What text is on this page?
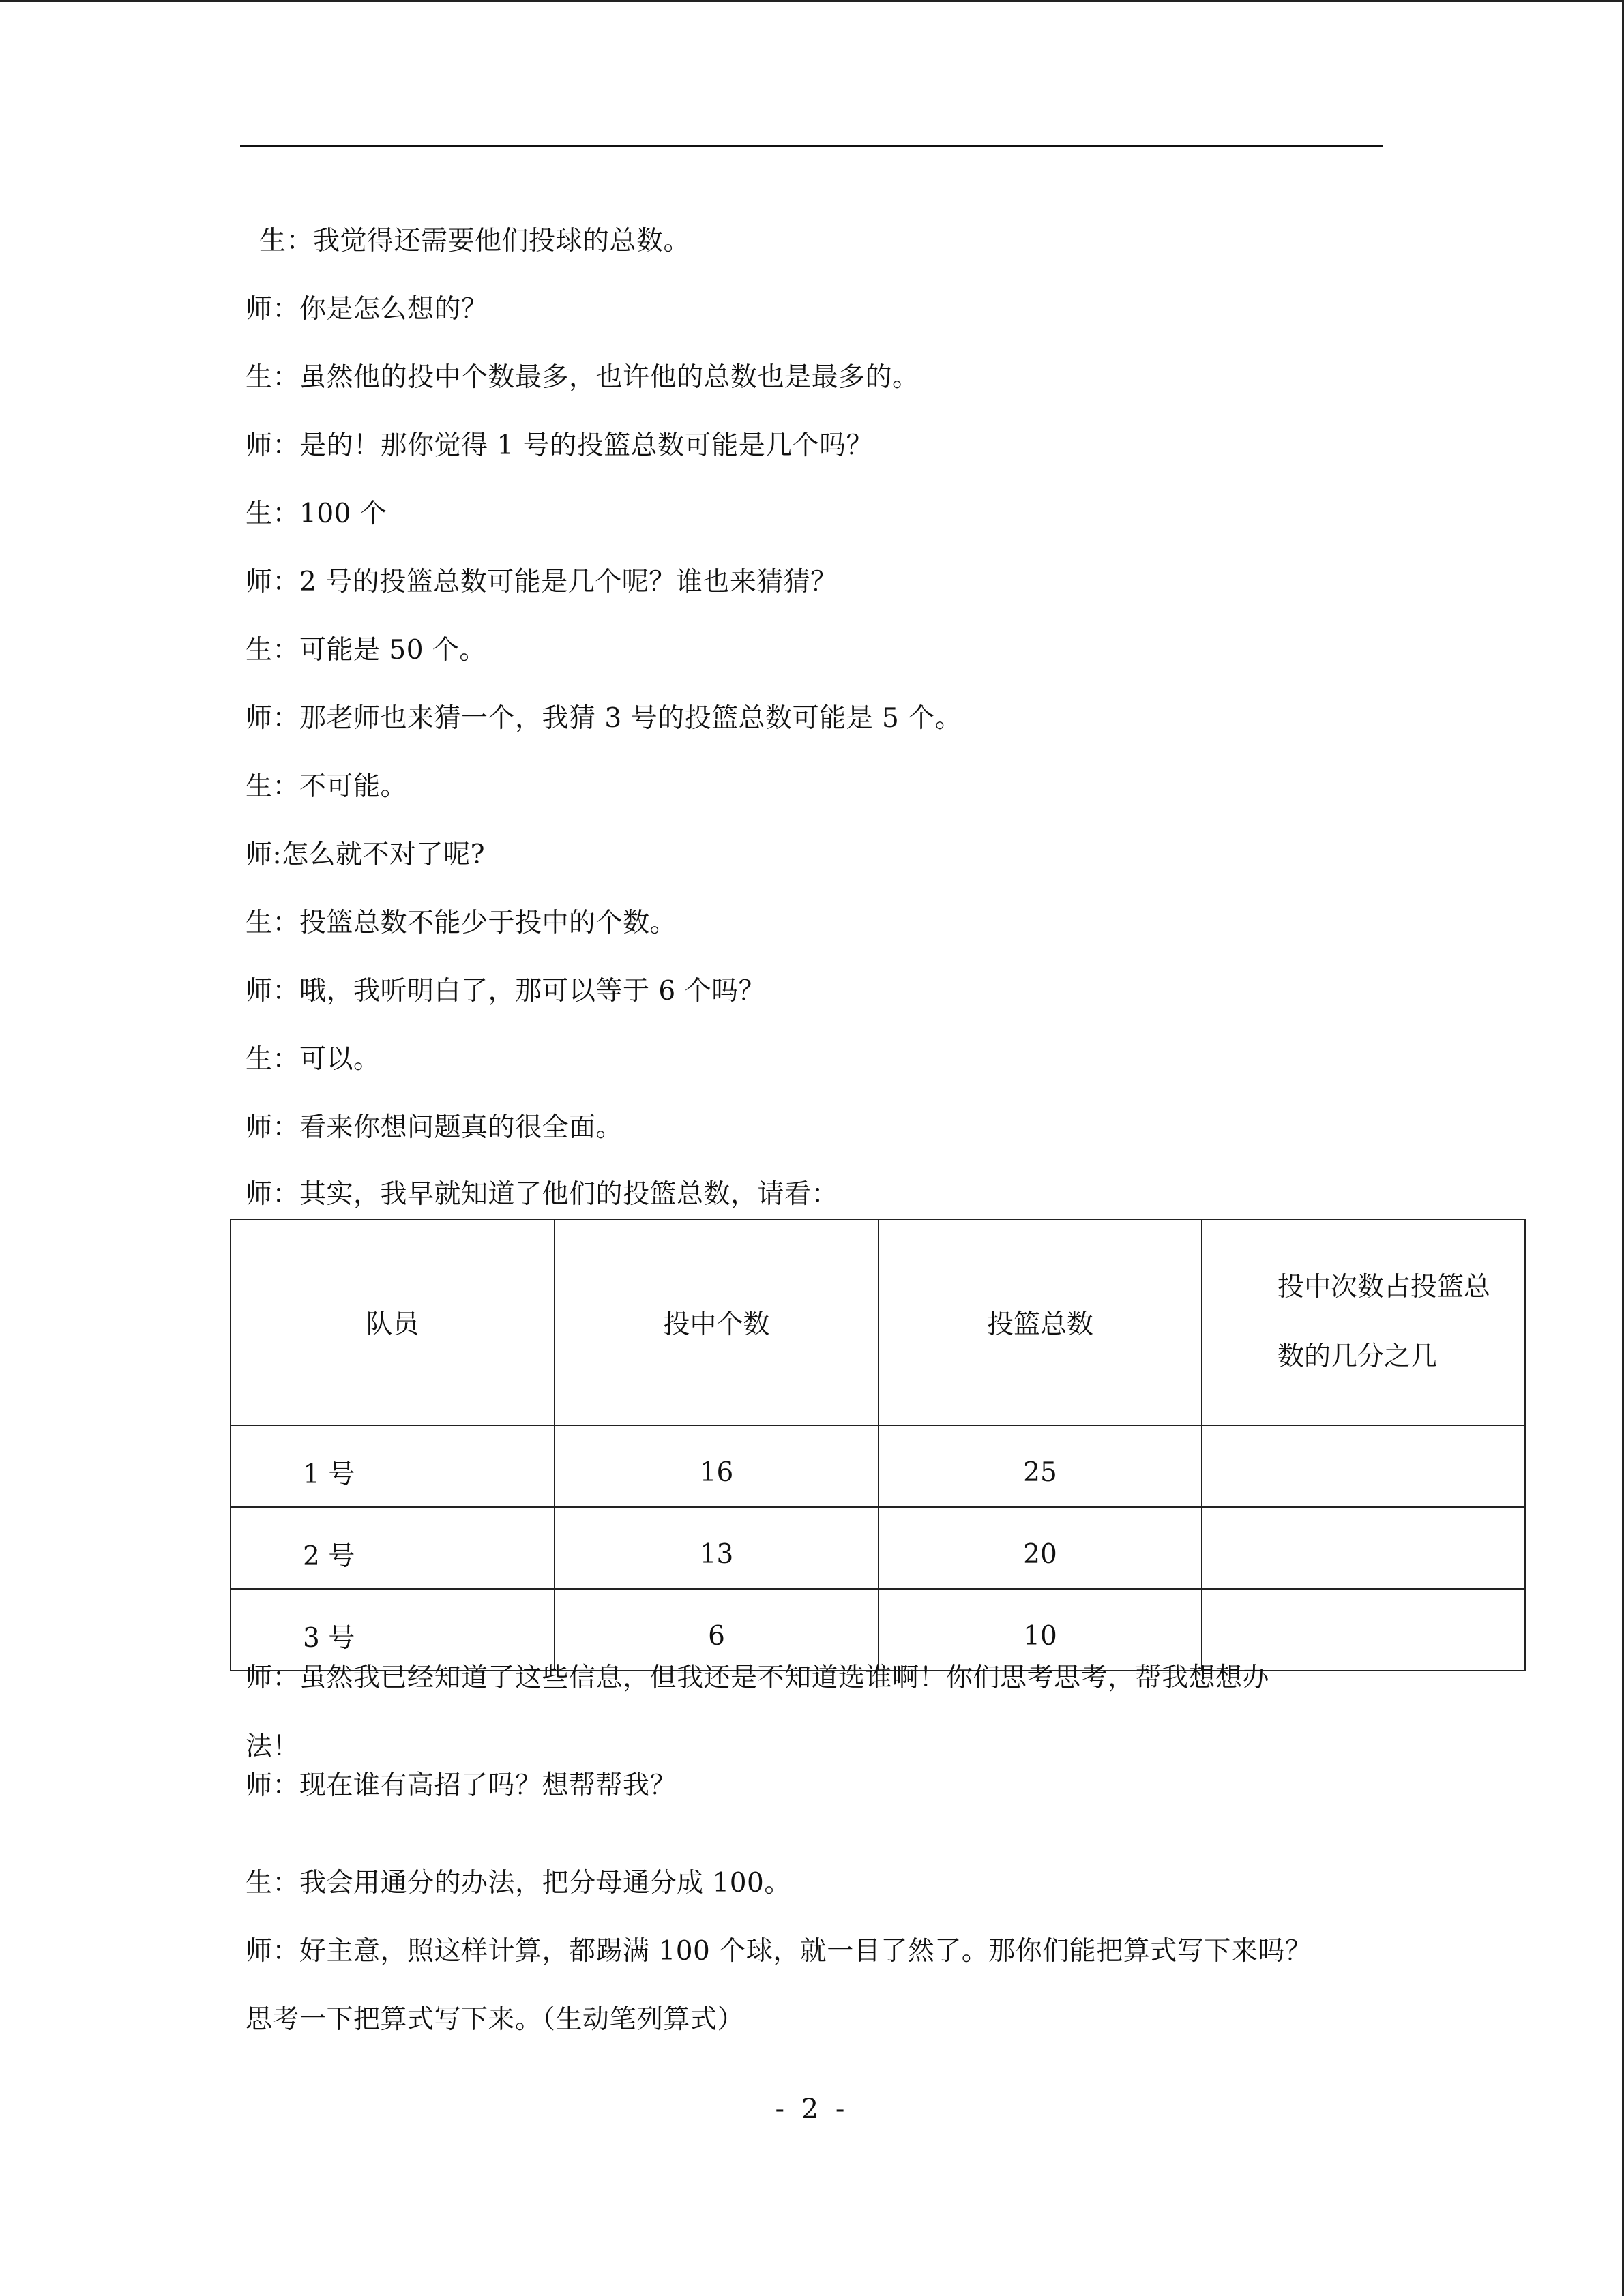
生：我觉得还需要他们投球的总数。
师：你是怎么想的？
生：虽然他的投中个数最多，也许他的总数也是最多的。
师：是的！那你觉得 1 号的投篮总数可能是几个吗？
生：100 个
师：2 号的投篮总数可能是几个呢？谁也来猜猜？
生：可能是 50 个。
师：那老师也来猜一个，我猜 3 号的投篮总数可能是 5 个。
生：不可能。
师:怎么就不对了呢?
生：投篮总数不能少于投中的个数。
师：哦，我听明白了，那可以等于 6 个吗？
生：可以。
师：看来你想问题真的很全面。
师：其实，我早就知道了他们的投篮总数，请看：
队员	投中个数	投篮总数	投中次数占投篮总
数的几分之几

1 号	16	25	
2 号	13	20	
3 号	6	10	
师：虽然我已经知道了这些信息，但我还是不知道选谁啊！你们思考思考，帮我想想办
法！
师：现在谁有高招了吗？想帮帮我？
生：我会用通分的办法，把分母通分成 100。
师：好主意，照这样计算，都踢满 100 个球，就一目了然了。那你们能把算式写下来吗？
思考一下把算式写下来。（生动笔列算式）
- 2 -
